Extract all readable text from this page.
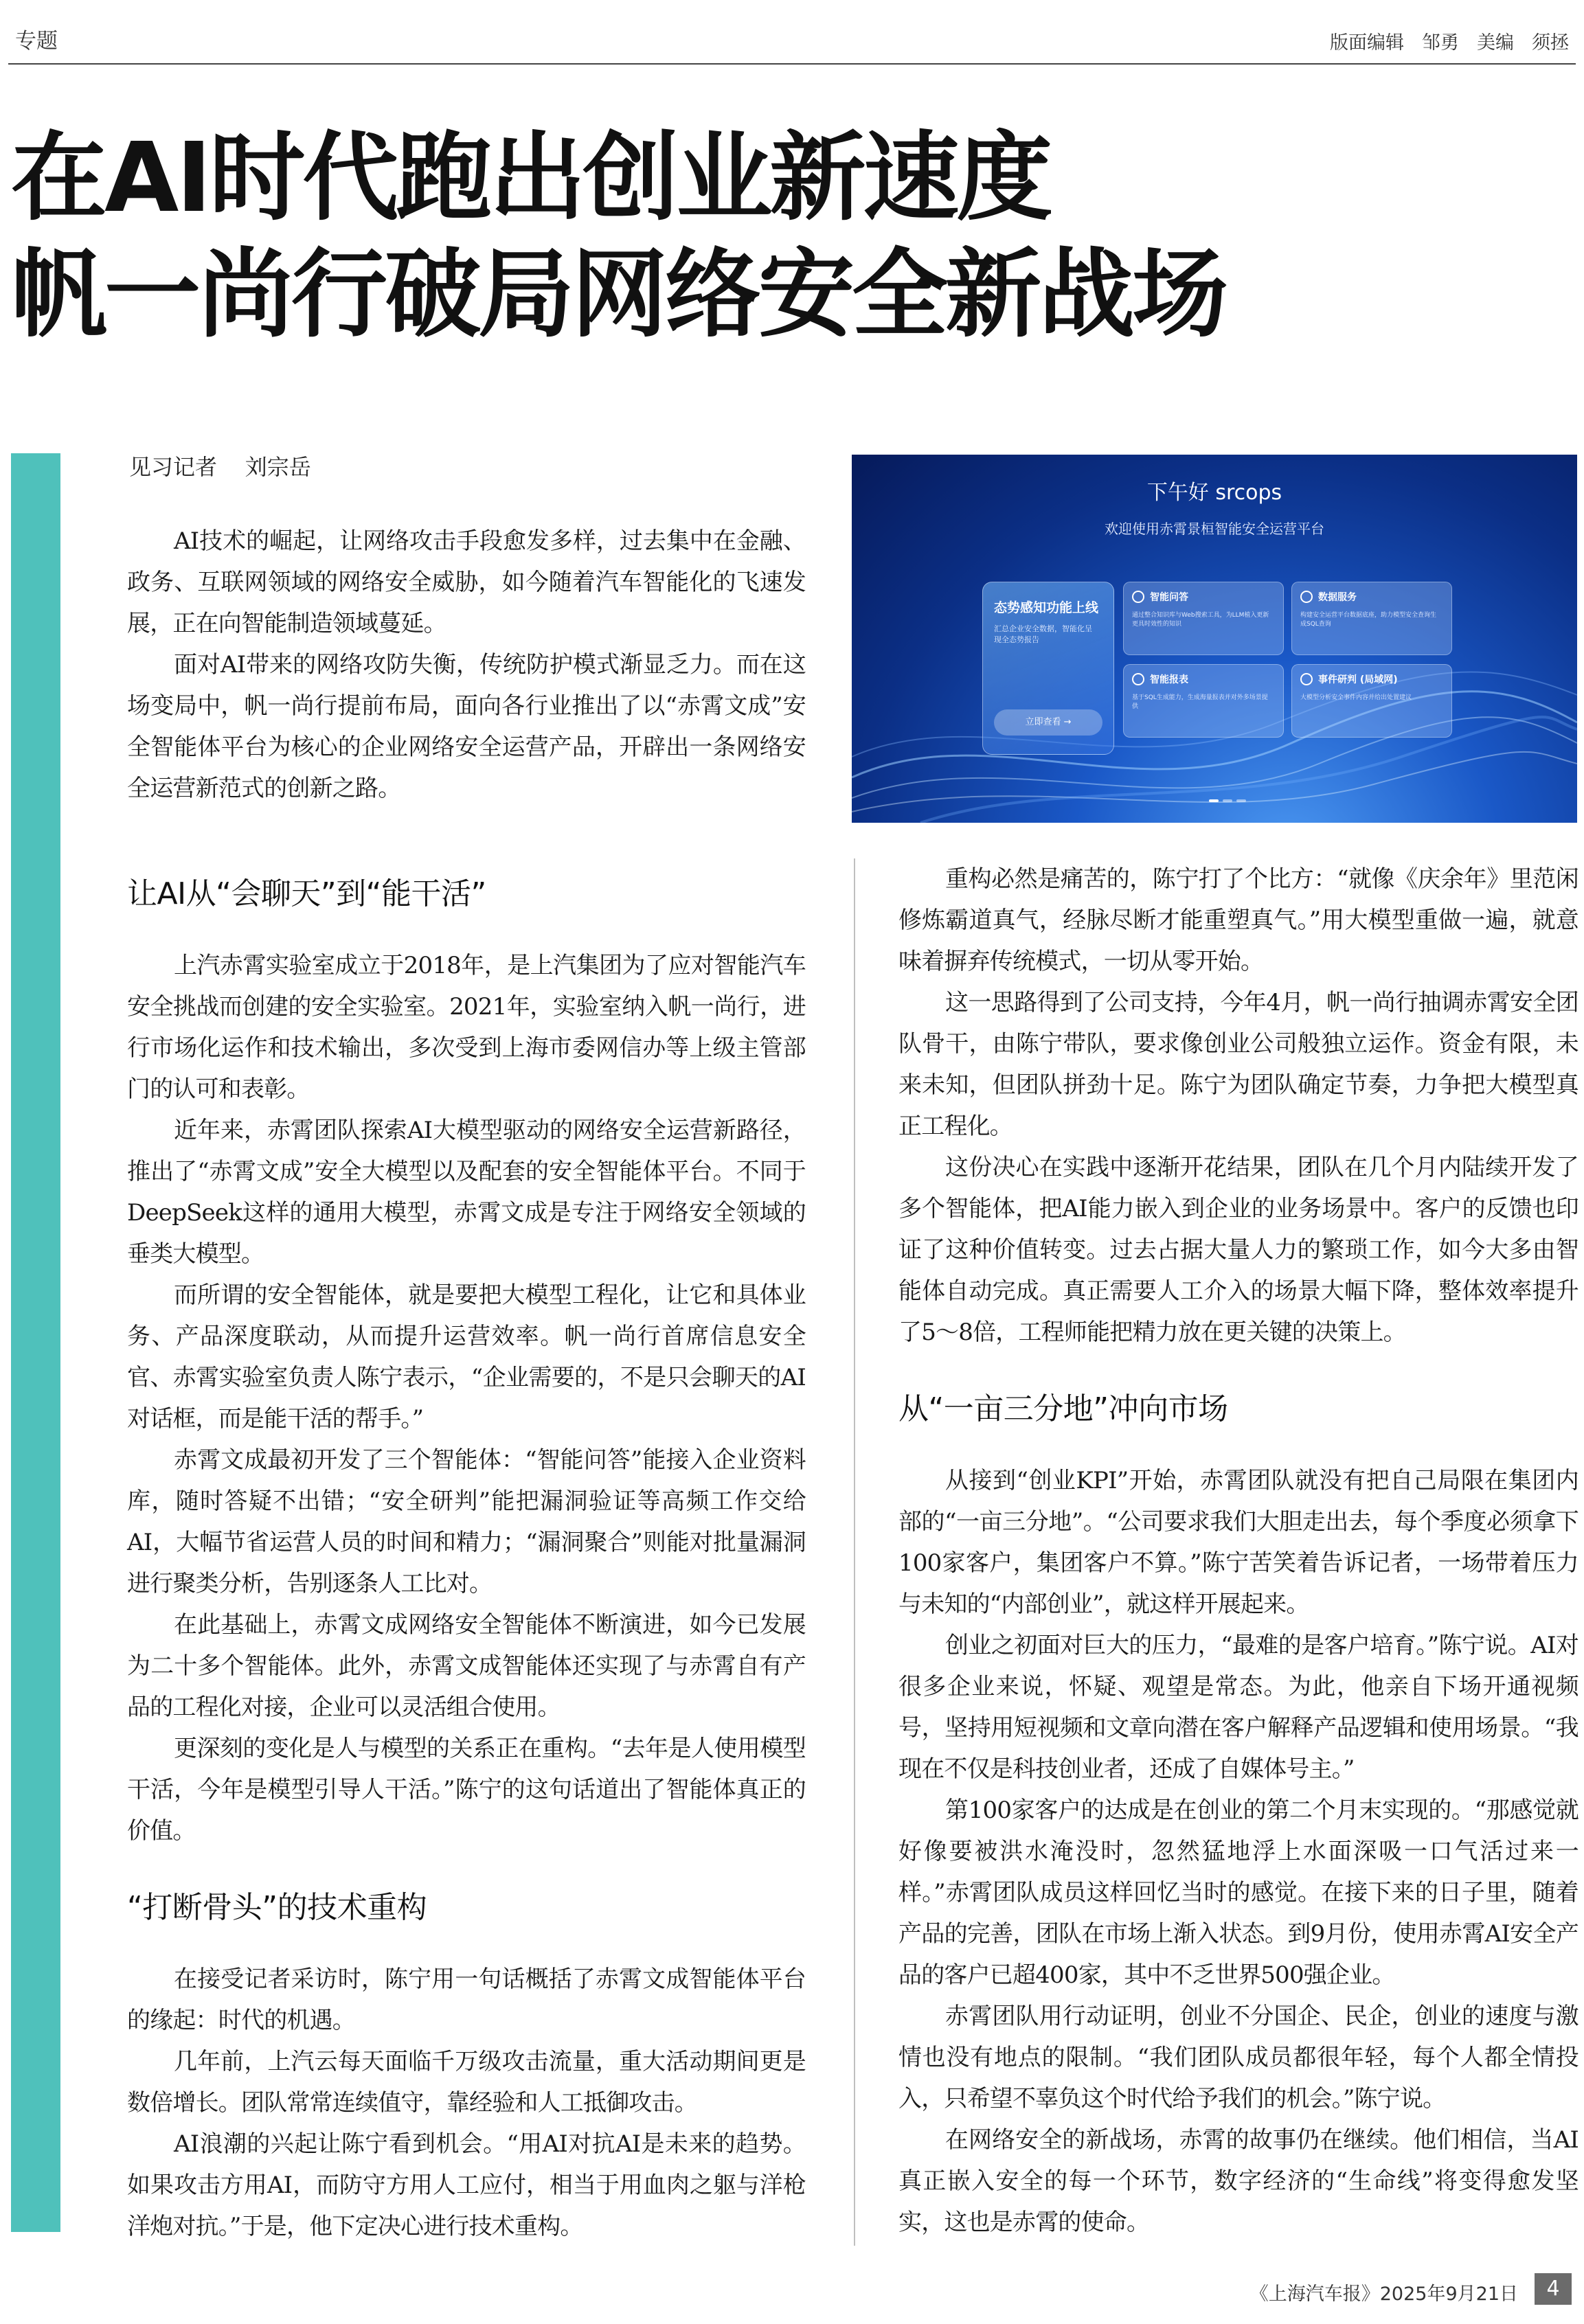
专题	版面编辑 邹勇 美编 须拯
在AI时代跑出创业新速度
帆一尚行破局网络安全新战场
见习记者    刘宗岳
下午好 srcops
欢迎使用赤霄景桓智能安全运营平台
态势感知功能上线
汇总企业安全数据，智能化呈现全态势报告
立即查看 →
智能问答
通过整合知识库与Web搜索工具，为LLM植入更新更具时效性的知识
数据服务
构建安全运营平台数据底座，助力模型安全查询生成SQL查询
智能报表
基于SQL生成能力，生成海量报表并对外多场景提供
事件研判 (局域网)
大模型分析安全事件内容并给出处置建议

AI技术的崛起，让网络攻击手段愈发多样，过去集中在金融、政务、互联网领域的网络安全威胁，如今随着汽车智能化的飞速发展，正在向智能制造领域蔓延。

面对AI带来的网络攻防失衡，传统防护模式渐显乏力。而在这场变局中，帆一尚行提前布局，面向各行业推出了以“赤霄文成”安全智能体平台为核心的企业网络安全运营产品，开辟出一条网络安全运营新范式的创新之路。

让AI从“会聊天”到“能干活”

上汽赤霄实验室成立于2018年，是上汽集团为了应对智能汽车安全挑战而创建的安全实验室。2021年，实验室纳入帆一尚行，进行市场化运作和技术输出，多次受到上海市委网信办等上级主管部门的认可和表彰。

近年来，赤霄团队探索AI大模型驱动的网络安全运营新路径，推出了“赤霄文成”安全大模型以及配套的安全智能体平台。不同于DeepSeek这样的通用大模型，赤霄文成是专注于网络安全领域的垂类大模型。

而所谓的安全智能体，就是要把大模型工程化，让它和具体业务、产品深度联动，从而提升运营效率。帆一尚行首席信息安全官、赤霄实验室负责人陈宁表示，“企业需要的，不是只会聊天的AI对话框，而是能干活的帮手。”

赤霄文成最初开发了三个智能体：“智能问答”能接入企业资料库，随时答疑不出错；“安全研判”能把漏洞验证等高频工作交给AI，大幅节省运营人员的时间和精力；“漏洞聚合”则能对批量漏洞进行聚类分析，告别逐条人工比对。

在此基础上，赤霄文成网络安全智能体不断演进，如今已发展为二十多个智能体。此外，赤霄文成智能体还实现了与赤霄自有产品的工程化对接，企业可以灵活组合使用。

更深刻的变化是人与模型的关系正在重构。“去年是人使用模型干活，今年是模型引导人干活。”陈宁的这句话道出了智能体真正的价值。

“打断骨头”的技术重构

在接受记者采访时，陈宁用一句话概括了赤霄文成智能体平台的缘起：时代的机遇。

几年前，上汽云每天面临千万级攻击流量，重大活动期间更是数倍增长。团队常常连续值守，靠经验和人工抵御攻击。

AI浪潮的兴起让陈宁看到机会。“用AI对抗AI是未来的趋势。如果攻击方用AI，而防守方用人工应付，相当于用血肉之躯与洋枪洋炮对抗。”于是，他下定决心进行技术重构。

重构必然是痛苦的，陈宁打了个比方：“就像《庆余年》里范闲修炼霸道真气，经脉尽断才能重塑真气。”用大模型重做一遍，就意味着摒弃传统模式，一切从零开始。

这一思路得到了公司支持，今年4月，帆一尚行抽调赤霄安全团队骨干，由陈宁带队，要求像创业公司般独立运作。资金有限，未来未知，但团队拼劲十足。陈宁为团队确定节奏，力争把大模型真正工程化。

这份决心在实践中逐渐开花结果，团队在几个月内陆续开发了多个智能体，把AI能力嵌入到企业的业务场景中。客户的反馈也印证了这种价值转变。过去占据大量人力的繁琐工作，如今大多由智能体自动完成。真正需要人工介入的场景大幅下降，整体效率提升了5～8倍，工程师能把精力放在更关键的决策上。

从“一亩三分地”冲向市场

从接到“创业KPI”开始，赤霄团队就没有把自己局限在集团内部的“一亩三分地”。“公司要求我们大胆走出去，每个季度必须拿下100家客户，集团客户不算。”陈宁苦笑着告诉记者，一场带着压力与未知的“内部创业”，就这样开展起来。

创业之初面对巨大的压力，“最难的是客户培育。”陈宁说。AI对很多企业来说，怀疑、观望是常态。为此，他亲自下场开通视频号，坚持用短视频和文章向潜在客户解释产品逻辑和使用场景。“我现在不仅是科技创业者，还成了自媒体号主。”

第100家客户的达成是在创业的第二个月末实现的。“那感觉就好像要被洪水淹没时，忽然猛地浮上水面深吸一口气活过来一样。”赤霄团队成员这样回忆当时的感觉。在接下来的日子里，随着产品的完善，团队在市场上渐入状态。到9月份，使用赤霄AI安全产品的客户已超400家，其中不乏世界500强企业。

赤霄团队用行动证明，创业不分国企、民企，创业的速度与激情也没有地点的限制。“我们团队成员都很年轻，每个人都全情投入，只希望不辜负这个时代给予我们的机会。”陈宁说。

在网络安全的新战场，赤霄的故事仍在继续。他们相信，当AI真正嵌入安全的每一个环节，数字经济的“生命线”将变得愈发坚实，这也是赤霄的使命。

《上海汽车报》2025年9月21日	4
